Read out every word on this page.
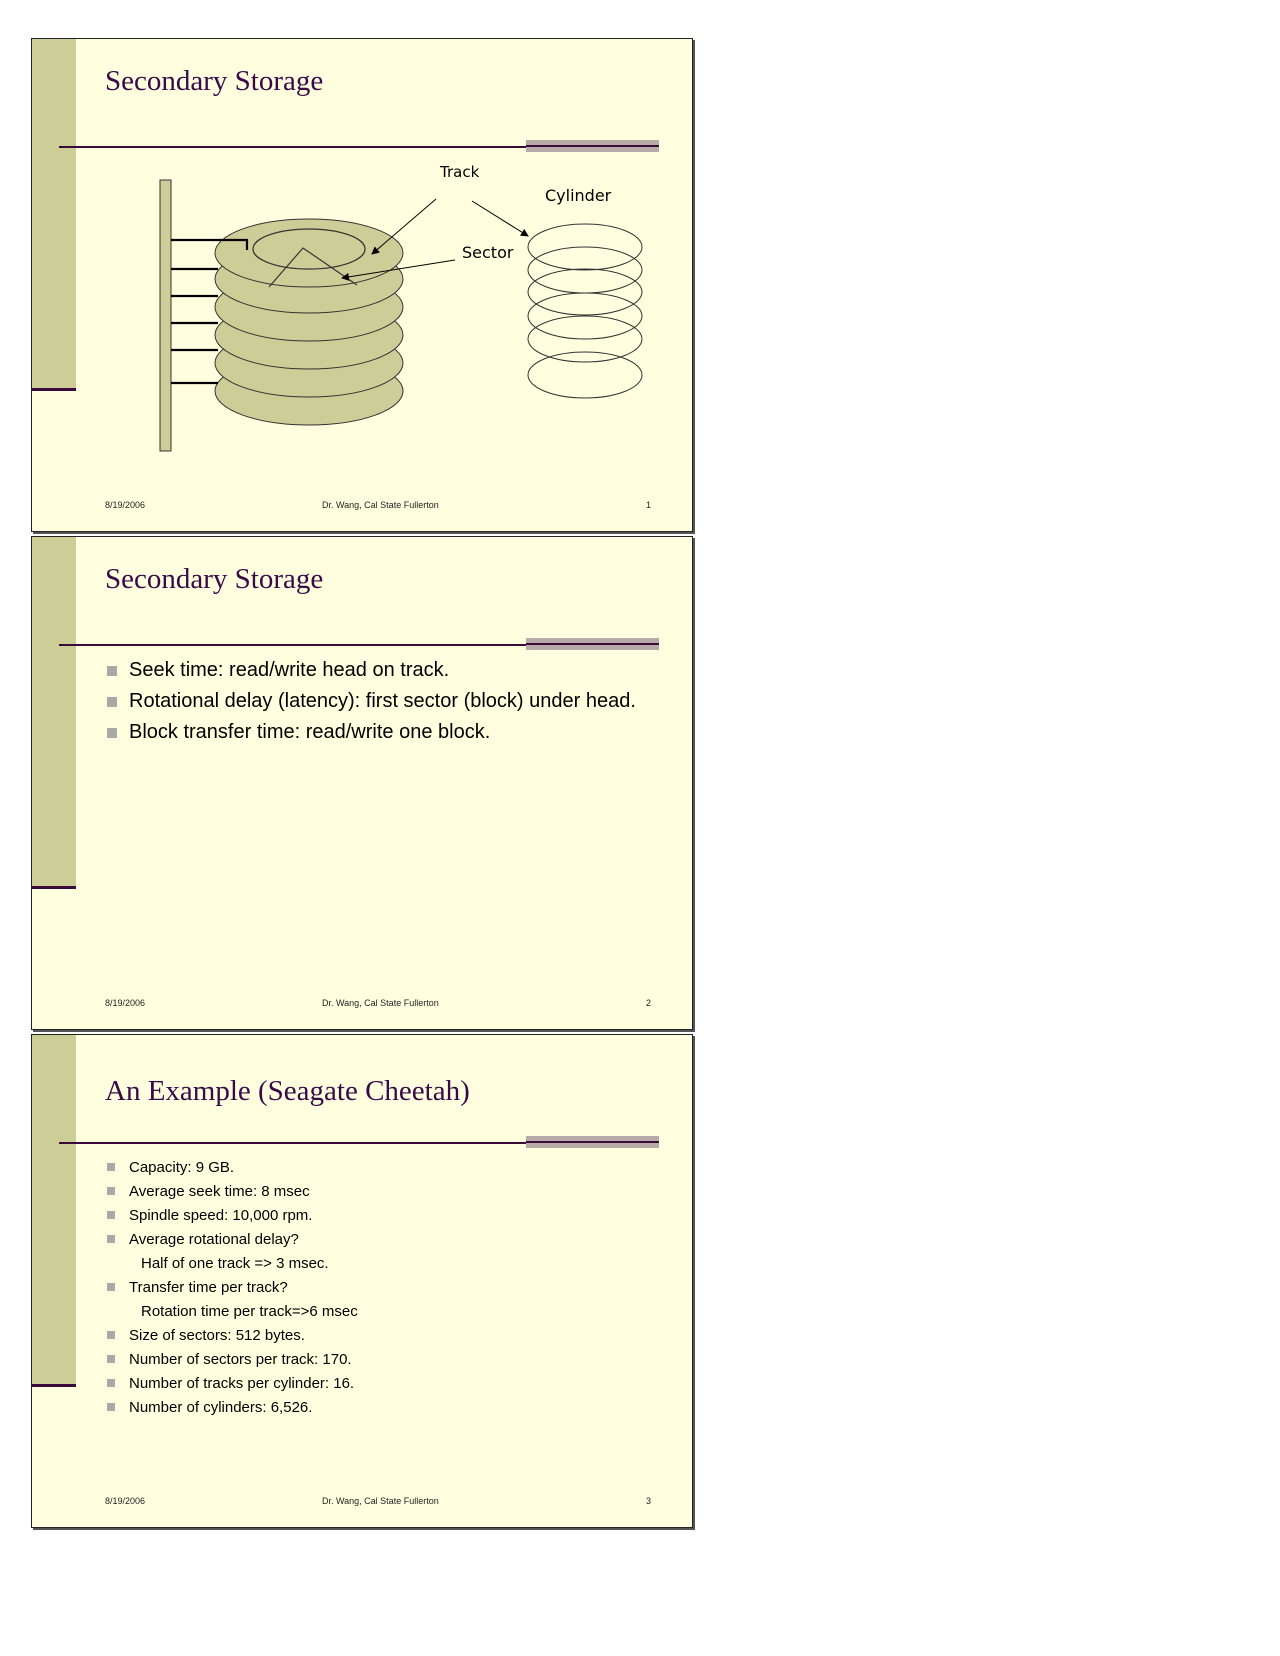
Secondary Storage
Track
Cylinder
Sector
8/19/2006	Dr. Wang, Cal State Fullerton	1
Secondary Storage
Seek time: read/write head on track.
Rotational delay (latency): first sector (block) under head.
Block transfer time: read/write one block.
8/19/2006	Dr. Wang, Cal State Fullerton	2
An Example (Seagate Cheetah)
Capacity: 9 GB.
Average seek time: 8 msec
Spindle speed: 10,000 rpm.
Average rotational delay?
Half of one track => 3 msec.
Transfer time per track?
Rotation time per track=>6 msec
Size of sectors: 512 bytes.
Number of sectors per track: 170.
Number of tracks per cylinder: 16.
Number of cylinders: 6,526.
8/19/2006	Dr. Wang, Cal State Fullerton	3
